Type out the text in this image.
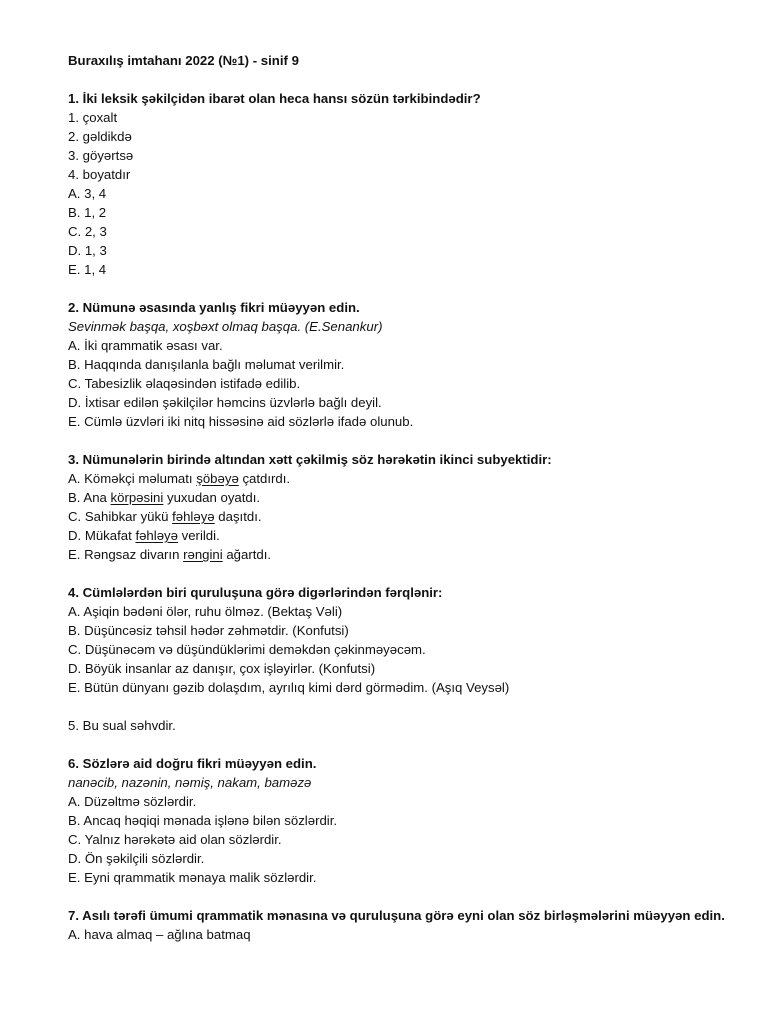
Buraxılış imtahanı 2022 (№1) - sinif 9
1. İki leksik şəkilçidən ibarət olan heca hansı sözün tərkibindədir?
1. çoxalt
2. gəldikdə
3. göyərtsə
4. boyatdır
A. 3, 4
B. 1, 2
C. 2, 3
D. 1, 3
E. 1, 4
2. Nümunə əsasında yanlış fikri müəyyən edin.
Sevinmək başqa, xoşbəxt olmaq başqa. (E.Senankur)
A. İki qrammatik əsası var.
B. Haqqında danışılanla bağlı məlumat verilmir.
C. Tabesizlik əlaqəsindən istifadə edilib.
D. İxtisar edilən şəkilçilər həmcins üzvlərlə bağlı deyil.
E. Cümlə üzvləri iki nitq hissəsinə aid sözlərlə ifadə olunub.
3. Nümunələrin birində altından xətt çəkilmiş söz hərəkətin ikinci subyektidir:
A. Köməkçi məlumatı şöbəyə çatdırdı.
B. Ana körpəsini yuxudan oyatdı.
C. Sahibkar yükü fəhləyə daşıtdı.
D. Mükafat fəhləyə verildi.
E. Rəngsaz divarın rəngini ağartdı.
4. Cümlələrdən biri quruluşuna görə digərlərindən fərqlənir:
A. Aşiqin bədəni ölər, ruhu ölməz. (Bektaş Vəli)
B. Düşüncəsiz təhsil hədər zəhmətdir. (Konfutsi)
C. Düşünəcəm və düşündüklərimi deməkdən çəkinməyəcəm.
D. Böyük insanlar az danışır, çox işləyirlər. (Konfutsi)
E. Bütün dünyanı gəzib dolaşdım, ayrılıq kimi dərd görmədim. (Aşıq Veysəl)
5. Bu sual səhvdir.
6. Sözlərə aid doğru fikri müəyyən edin.
nanəcib, nazənin, nəmiş, nakam, baməzə
A. Düzəltmə sözlərdir.
B. Ancaq həqiqi mənada işlənə bilən sözlərdir.
C. Yalnız hərəkətə aid olan sözlərdir.
D. Ön şəkilçili sözlərdir.
E. Eyni qrammatik mənaya malik sözlərdir.
7. Asılı tərəfi ümumi qrammatik mənasına və quruluşuna görə eyni olan söz birləşmələrini müəyyən edin.
A. hava almaq – ağlına batmaq
